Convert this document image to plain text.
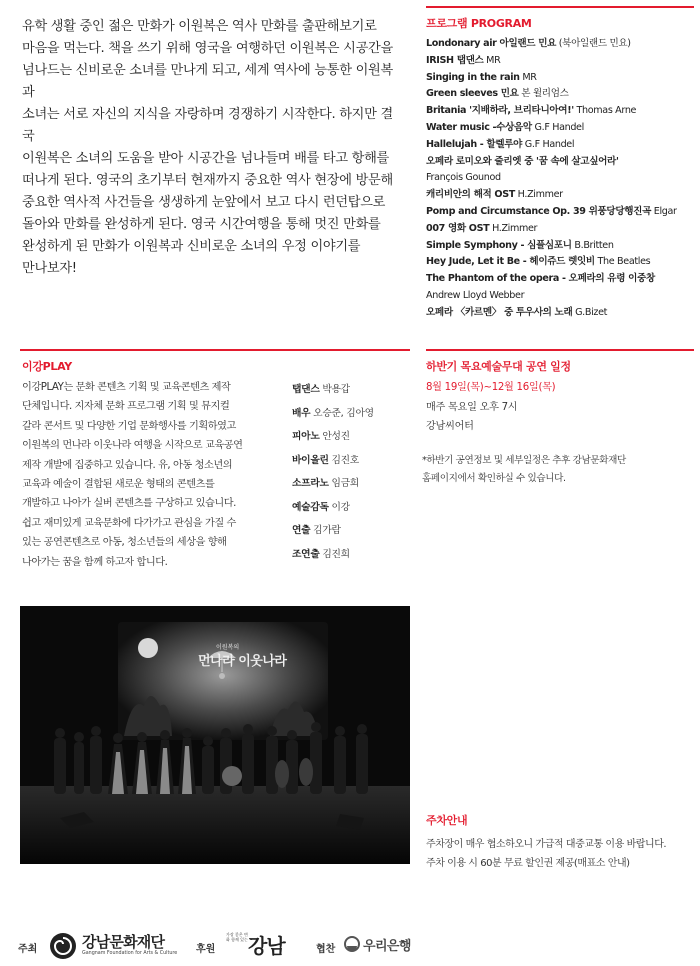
유학 생활 중인 젊은 만화가 이원복은 역사 만화를 출판해보기로
마음을 먹는다. 책을 쓰기 위해 영국을 여행하던 이원복은 시공간을
넘나드는 신비로운 소녀를 만나게 되고, 세계 역사에 능통한 이원복과
소녀는 서로 자신의 지식을 자랑하며 경쟁하기 시작한다. 하지만 결국
이원복은 소녀의 도움을 받아 시공간을 넘나들며 배를 타고 항해를
떠나게 된다. 영국의 초기부터 현재까지 중요한 역사 현장에 방문해
중요한 역사적 사건들을 생생하게 눈앞에서 보고 다시 런던탑으로
돌아와 만화를 완성하게 된다. 영국 시간여행을 통해 멋진 만화를
완성하게 된 만화가 이원복과 신비로운 소녀의 우정 이야기를
만나보자!
프로그램 PROGRAM
Londonary air 아일랜드 민요 (북아일랜드 민요)
IRISH 탭댄스 MR
Singing in the rain MR
Green sleeves 민요 본 윌리엄스
Britania '지배하라, 브리타니아여!' Thomas Arne
Water music -수상음악 G.F Handel
Hallelujah - 할렐루야 G.F Handel
오페라 로미오와 줄리엣 중 '꿈 속에 살고싶어라'
François Gounod
캐리비안의 해적 OST H.Zimmer
Pomp and Circumstance Op. 39 위풍당당행진곡 Elgar
007 영화 OST H.Zimmer
Simple Symphony - 심플심포니 B.Britten
Hey Jude, Let it Be - 헤이쥬드 렛잇비 The Beatles
The Phantom of the opera - 오페라의 유령 이중창
Andrew Lloyd Webber
오페라 〈카르멘〉 중 투우사의 노래 G.Bizet
이강PLAY
이강PLAY는 문화 콘텐츠 기획 및 교육콘텐츠 제작
단체입니다. 지자체 문화 프로그램 기획 및 뮤지컬
갈라 콘서트 및 다양한 기업 문화행사를 기획하였고
이원복의 먼나라 이웃나라 여행을 시작으로 교육공연
제작 개발에 집중하고 있습니다. 유, 아동 청소년의
교육과 예술이 결합된 새로운 형태의 콘텐츠를
개발하고 나아가 실버 콘텐츠를 구상하고 있습니다.
쉽고 재미있게 교육문화에 다가가고 관심을 가질 수
있는 공연콘텐츠로 아동, 청소년들의 세상을 향해
나아가는 꿈을 함께 하고자 합니다.
탭댄스 박용갑
배우 오승준, 김아영
피아노 안성진
바이올린 김진호
소프라노 임금희
예술감독 이강
연출 김가람
조연출 김진희
하반기 목요예술무대 공연 일정
8월 19일(목)~12월 16일(목)
매주 목요일 오후 7시
강남씨어터
*하반기 공연정보 및 세부일정은 추후 강남문화재단
홈페이지에서 확인하실 수 있습니다.
이원복의
먼나라 이웃나라
주차안내
주차장이 매우 협소하오니 가급적 대중교통 이용 바랍니다.
주차 이용 시 60분 무료 할인권 제공(매표소 안내)
주최	강남문화재단
Gangnam Foundation for Arts & Culture 후원
가장 좋은 변화 함께 있는 강남	협찬 우리은행
